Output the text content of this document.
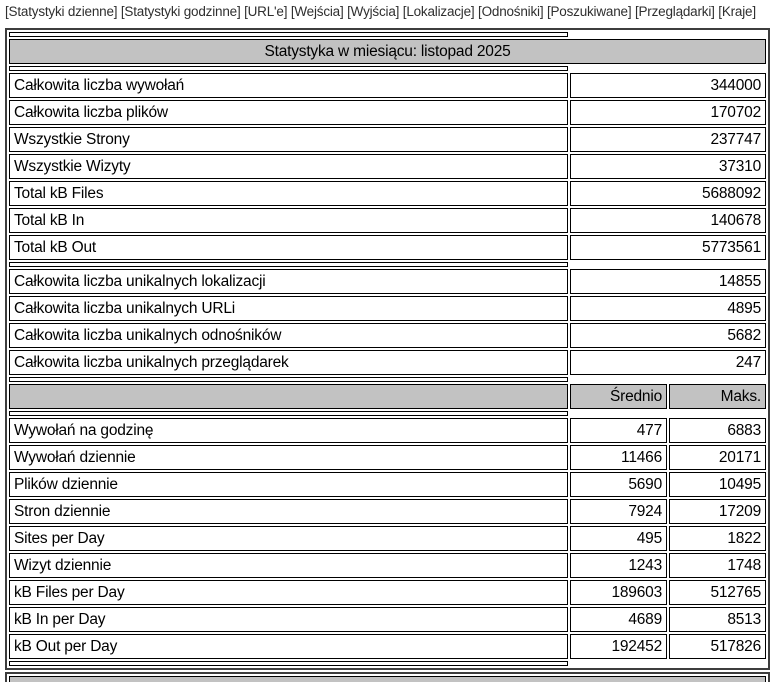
[Statystyki dzienne] [Statystyki godzinne] [URL'e] [Wejścia] [Wyjścia] [Lokalizacje] [Odnośniki] [Poszukiwane] [Przeglądarki] [Kraje]

Statystyka w miesiącu: listopad 2025		

Całkowita liczba wywołań	344000	
Całkowita liczba plików	170702	
Wszystkie Strony	237747	
Wszystkie Wizyty	37310	
Total kB Files	5688092	
Total kB In	140678	
Total kB Out	5773561	

Całkowita liczba unikalnych lokalizacji	14855	
Całkowita liczba unikalnych URLi	4895	
Całkowita liczba unikalnych odnośników	5682	
Całkowita liczba unikalnych przeglądarek	247	

	Średnio	Maks.

Wywołań na godzinę	477	6883
Wywołań dziennie	11466	20171
Plików dziennie	5690	10495
Stron dziennie	7924	17209
Sites per Day	495	1822
Wizyt dziennie	1243	1748
kB Files per Day	189603	512765
kB In per Day	4689	8513
kB Out per Day	192452	517826
